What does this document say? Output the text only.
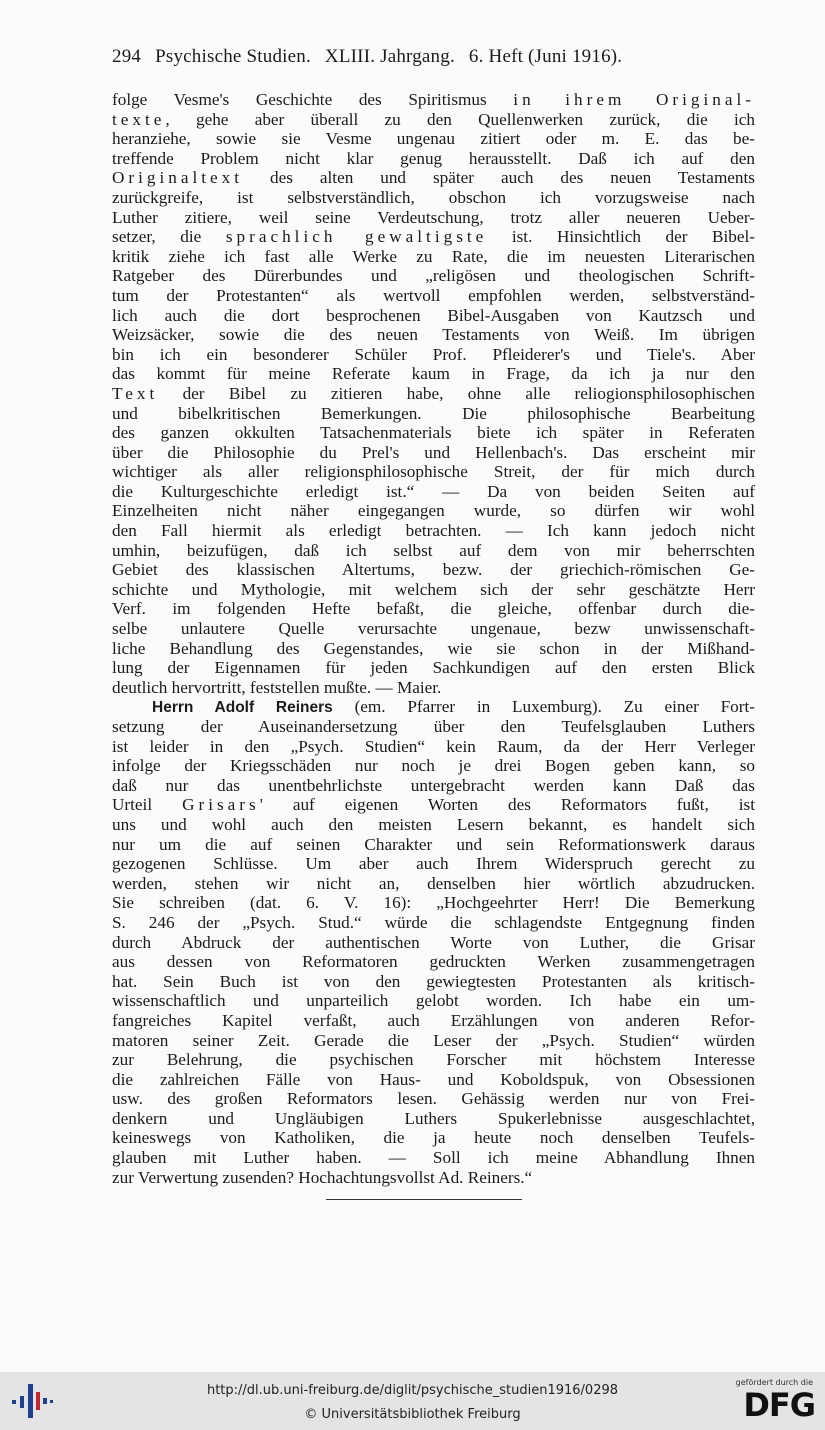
294 Psychische Studien. XLIII. Jahrgang. 6. Heft (Juni 1916).
folge Vesme's Geschichte des Spiritismus in ihrem Original-
texte, gehe aber überall zu den Quellenwerken zurück, die ich
heranziehe, sowie sie Vesme ungenau zitiert oder m. E. das be-
treffende Problem nicht klar genug herausstellt. Daß ich auf den
Originaltext des alten und später auch des neuen Testaments
zurückgreife, ist selbstverständlich, obschon ich vorzugsweise nach
Luther zitiere, weil seine Verdeutschung, trotz aller neueren Ueber-
setzer, die sprachlich gewaltigste ist. Hinsichtlich der Bibel-
kritik ziehe ich fast alle Werke zu Rate, die im neuesten Literarischen
Ratgeber des Dürerbundes und „religösen und theologischen Schrift-
tum der Protestanten“ als wertvoll empfohlen werden, selbstverständ-
lich auch die dort besprochenen Bibel-Ausgaben von Kautzsch und
Weizsäcker, sowie die des neuen Testaments von Weiß. Im übrigen
bin ich ein besonderer Schüler Prof. Pfleiderer's und Tiele's. Aber
das kommt für meine Referate kaum in Frage, da ich ja nur den
Text der Bibel zu zitieren habe, ohne alle reliogionsphilosophischen
und bibelkritischen Bemerkungen. Die philosophische Bearbeitung
des ganzen okkulten Tatsachenmaterials biete ich später in Referaten
über die Philosophie du Prel's und Hellenbach's. Das erscheint mir
wichtiger als aller religionsphilosophische Streit, der für mich durch
die Kulturgeschichte erledigt ist.“ — Da von beiden Seiten auf
Einzelheiten nicht näher eingegangen wurde, so dürfen wir wohl
den Fall hiermit als erledigt betrachten. — Ich kann jedoch nicht
umhin, beizufügen, daß ich selbst auf dem von mir beherrschten
Gebiet des klassischen Altertums, bezw. der griechich-römischen Ge-
schichte und Mythologie, mit welchem sich der sehr geschätzte Herr
Verf. im folgenden Hefte befaßt, die gleiche, offenbar durch die-
selbe unlautere Quelle verursachte ungenaue, bezw unwissenschaft-
liche Behandlung des Gegenstandes, wie sie schon in der Mißhand-
lung der Eigennamen für jeden Sachkundigen auf den ersten Blick
deutlich hervortritt, feststellen mußte. — Maier.
Herrn Adolf Reiners (em. Pfarrer in Luxemburg). Zu einer Fort-
setzung der Auseinandersetzung über den Teufelsglauben Luthers
ist leider in den „Psych. Studien“ kein Raum, da der Herr Verleger
infolge der Kriegsschäden nur noch je drei Bogen geben kann, so
daß nur das unentbehrlichste untergebracht werden kann Daß das
Urteil Grisars' auf eigenen Worten des Reformators fußt, ist
uns und wohl auch den meisten Lesern bekannt, es handelt sich
nur um die auf seinen Charakter und sein Reformationswerk daraus
gezogenen Schlüsse. Um aber auch Ihrem Widerspruch gerecht zu
werden, stehen wir nicht an, denselben hier wörtlich abzudrucken.
Sie schreiben (dat. 6. V. 16): „Hochgeehrter Herr! Die Bemerkung
S. 246 der „Psych. Stud.“ würde die schlagendste Entgegnung finden
durch Abdruck der authentischen Worte von Luther, die Grisar
aus dessen von Reformatoren gedruckten Werken zusammengetragen
hat. Sein Buch ist von den gewiegtesten Protestanten als kritisch-
wissenschaftlich und unparteilich gelobt worden. Ich habe ein um-
fangreiches Kapitel verfaßt, auch Erzählungen von anderen Refor-
matoren seiner Zeit. Gerade die Leser der „Psych. Studien“ würden
zur Belehrung, die psychischen Forscher mit höchstem Interesse
die zahlreichen Fälle von Haus- und Koboldspuk, von Obsessionen
usw. des großen Reformators lesen. Gehässig werden nur von Frei-
denkern und Ungläubigen Luthers Spukerlebnisse ausgeschlachtet,
keineswegs von Katholiken, die ja heute noch denselben Teufels-
glauben mit Luther haben. — Soll ich meine Abhandlung Ihnen
zur Verwertung zusenden? Hochachtungsvollst Ad. Reiners.“
http://dl.ub.uni-freiburg.de/diglit/psychische_studien1916/0298
© Universitätsbibliothek Freiburg
gefördert durch die
DFG
